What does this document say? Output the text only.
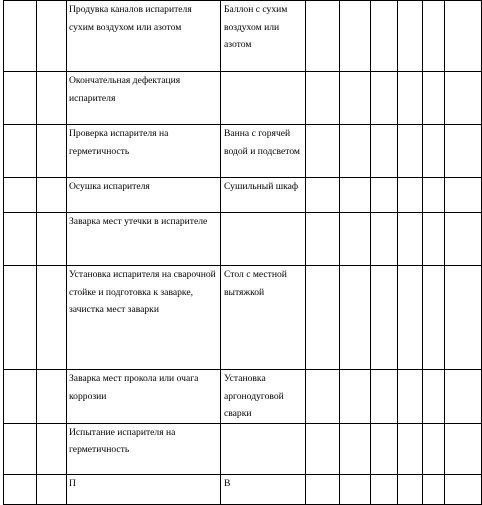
		Продувка каналов испарителя сухим воздухом или азотом	Баллон с сухим воздухом или азотом						

		Окончательная дефектация испарителя							

		Проверка испарителя на герметичность	Ванна с горячей водой и подсветом						

		Осушка испарителя	Сушильный шкаф						

		Заварка мест утечки в испарителе							

		Установка испарителя на сварочной стойке и подготовка к заварке, зачистка мест заварки	Стол с местной вытяжкой						

		Заварка мест прокола или очага коррозии	Установка аргонодуговой сварки						

		Испытание испарителя на герметичность							

		П	В						
